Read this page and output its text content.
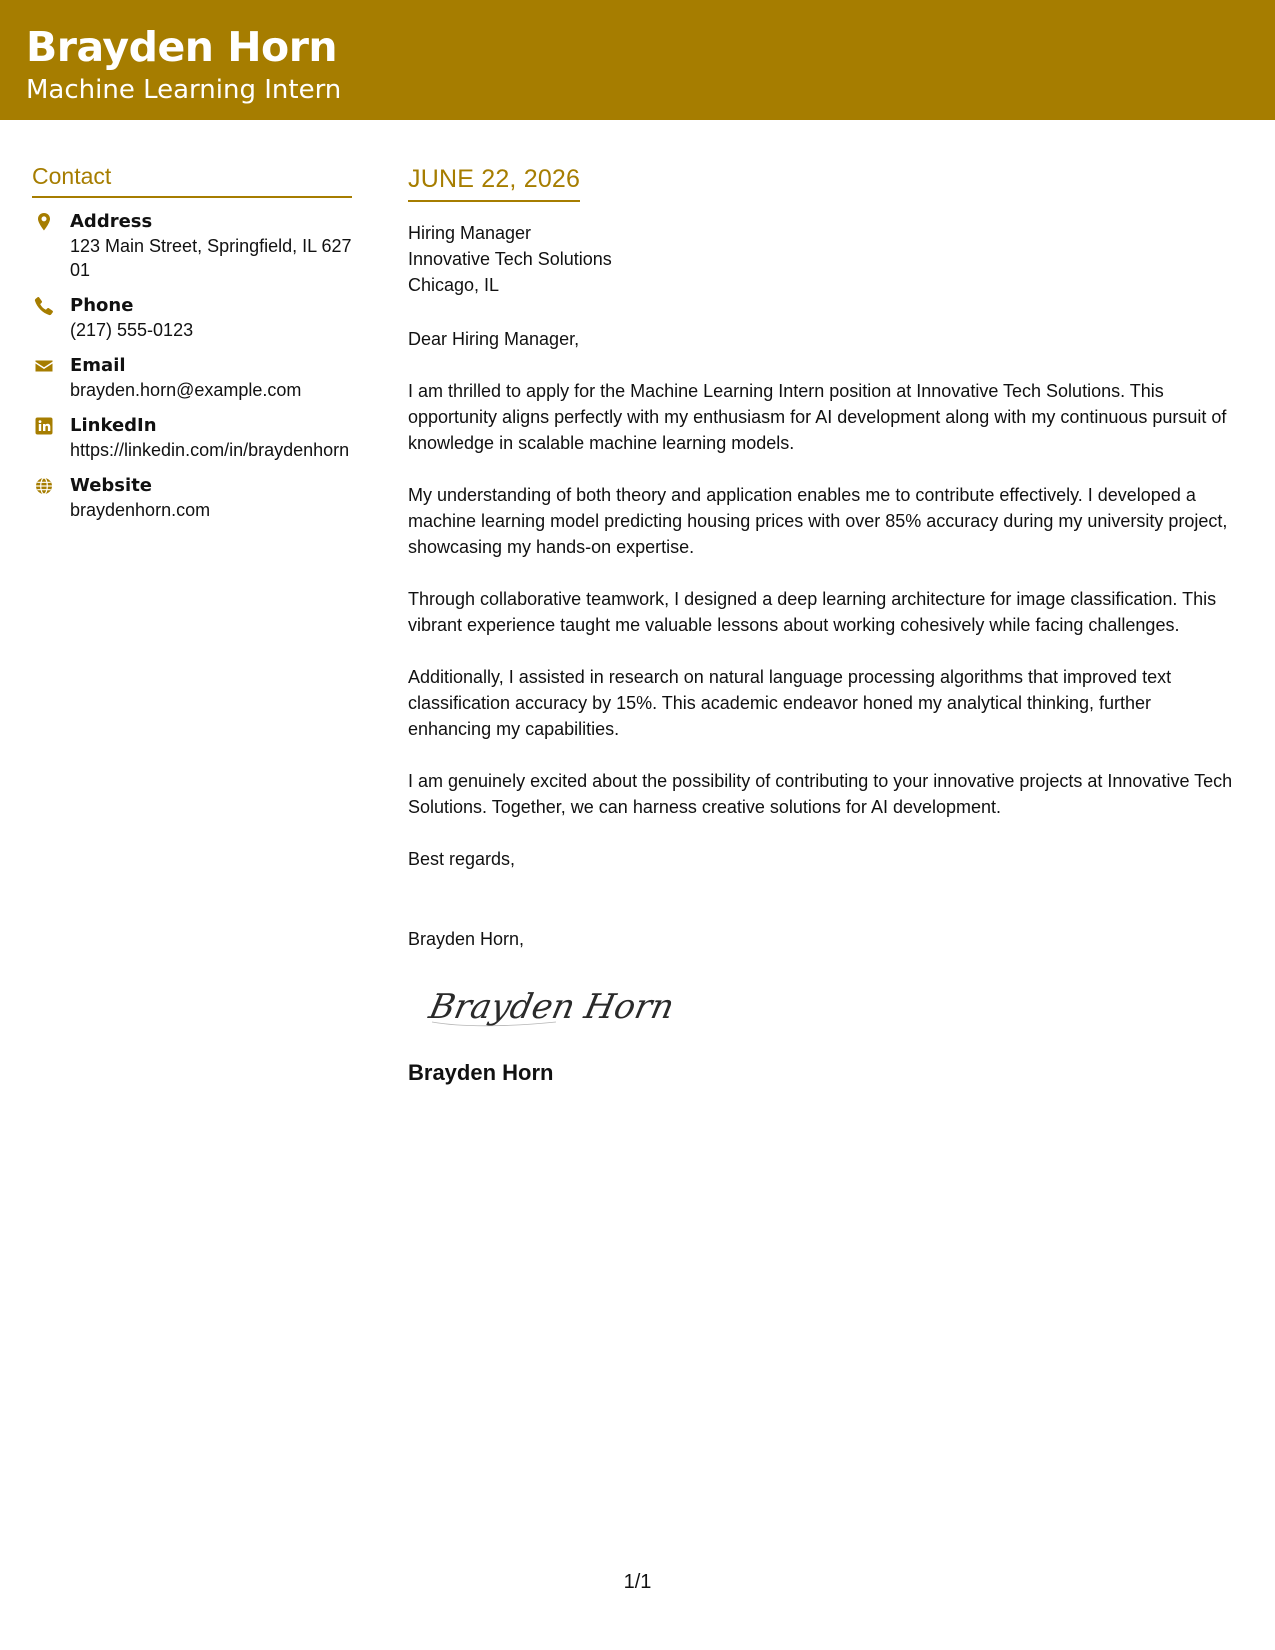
Brayden Horn
Machine Learning Intern
Contact
Address
123 Main Street, Springfield, IL 62701
Phone
(217) 555-0123
Email
brayden.horn@example.com
LinkedIn
https://linkedin.com/in/braydenhorn
Website
braydenhorn.com
JUNE 22, 2026
Hiring Manager
Innovative Tech Solutions
Chicago, IL
Dear Hiring Manager,
I am thrilled to apply for the Machine Learning Intern position at Innovative Tech Solutions. This opportunity aligns perfectly with my enthusiasm for AI development along with my continuous pursuit of knowledge in scalable machine learning models.
My understanding of both theory and application enables me to contribute effectively. I developed a machine learning model predicting housing prices with over 85% accuracy during my university project, showcasing my hands-on expertise.
Through collaborative teamwork, I designed a deep learning architecture for image classification. This vibrant experience taught me valuable lessons about working cohesively while facing challenges.
Additionally, I assisted in research on natural language processing algorithms that improved text classification accuracy by 15%. This academic endeavor honed my analytical thinking, further enhancing my capabilities.
I am genuinely excited about the possibility of contributing to your innovative projects at Innovative Tech Solutions. Together, we can harness creative solutions for AI development.
Best regards,
Brayden Horn,
Brayden Horn
Brayden Horn
1/1
